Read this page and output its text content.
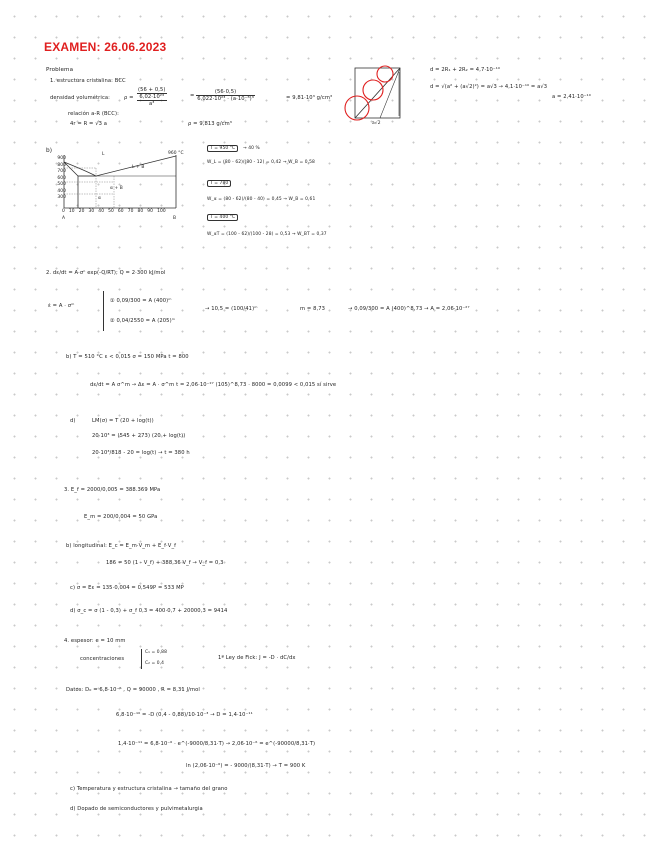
EXAMEN: 26.06.2023
Problema
1. estructura cristalina: BCC
densidad volumétrica:	ρ =
(56 + 0,5)
6,02·10²³
a³
= $\frac{(56\cdot 0,5)}{\text{6,022·10²³ · (a·10⁻⁸)³}}$	= 9,81·10³ g/cm³
relación a-R (BCC):
4r = R = √3 a	ρ = 9,813 g/cm³	a√2
d = 2R₁ + 2R₂ = 4,7·10⁻¹⁰
d = √(a² + (a√2)²) = a√3 → 4,1·10⁻¹⁰ = a√3
a = 2,41·10⁻¹⁰
b)
900
800
700
600
500
400
300
0 10 20 30 40 50 60 70 80 90 100
A	B
L
L + B
α + B
α
960 °C
T = 950 °C	→ 40 %
W_L = (80 - 62)/(80 - 12) = 0,42 → W_B = 0,58
T = 780
W_α = (80 - 62)/(80 - 40) = 0,45 → W_B = 0,61
T = 400 °C
W_αT = (100 - 62)/(100 - 28) = 0,53 → W_BT = 0,37
2. dε/dt = A·σⁿ exp(-Q/RT); Q = 2·300 kJ/mol
ε̇ = A · σᵐ
① 0,09/300 = A (400)ᵐ
② 0,04/2550 = A (205)ᵐ
→ 10,5 = (100/41)ᵐ	m = 8,73	→ 0,09/300 = A (400)^8,73 → A = 2,06·10⁻²⁷
b) T = 510 °C ε < 0,015 σ = 150 MPa t = 800
dε/dt = A σ^m → Δε = A · σ^m t = 2,06·10⁻²⁷ (105)^8,73 · 8000 = 0,0099 < 0,015 sí sirve
d)	LM(σ) = T (20 + log(t))
20·10³ = (545 + 273) (20 + log(t))
20·10³/818 - 20 = log(t) → t = 380 h
3. E_f = 2000/0,005 = 388.369 MPa
E_m = 200/0,004 = 50 GPa
b) longitudinal: E_c = E_m·V_m + E_f·V_f
186 = 50 (1 - V_f) + 388,36 V_f → V_f = 0,3
c) σ = Eε = 135·0,004 = 0,549P = 533 MP
d) σ_c = σ (1 - 0,3) + σ_f 0,3 = 400·0,7 + 20000,3 = 9414
4. espesor: e = 10 mm
concentraciones
C₁ = 0,88
C₂ = 0,4
1ª Ley de Fick: J = -D · dC/dx
Datos: D₀ = 6,8·10⁻⁶ , Q = 90000 , R = 8,31 J/mol
6,8·10⁻¹⁰ = -D (0,4 - 0,88)/10·10⁻³ → D = 1,4·10⁻¹¹
1,4·10⁻¹¹ = 6,8·10⁻⁶ · e^(-9000/8,31·T) → 2,06·10⁻⁶ = e^(-90000/8,31·T)
ln (2,06·10⁻⁶) = - 9000/(8,31·T) → T = 900 K
c) Temperatura y estructura cristalina → tamaño del grano
d) Dopado de semiconductores y pulvimetalurgia
